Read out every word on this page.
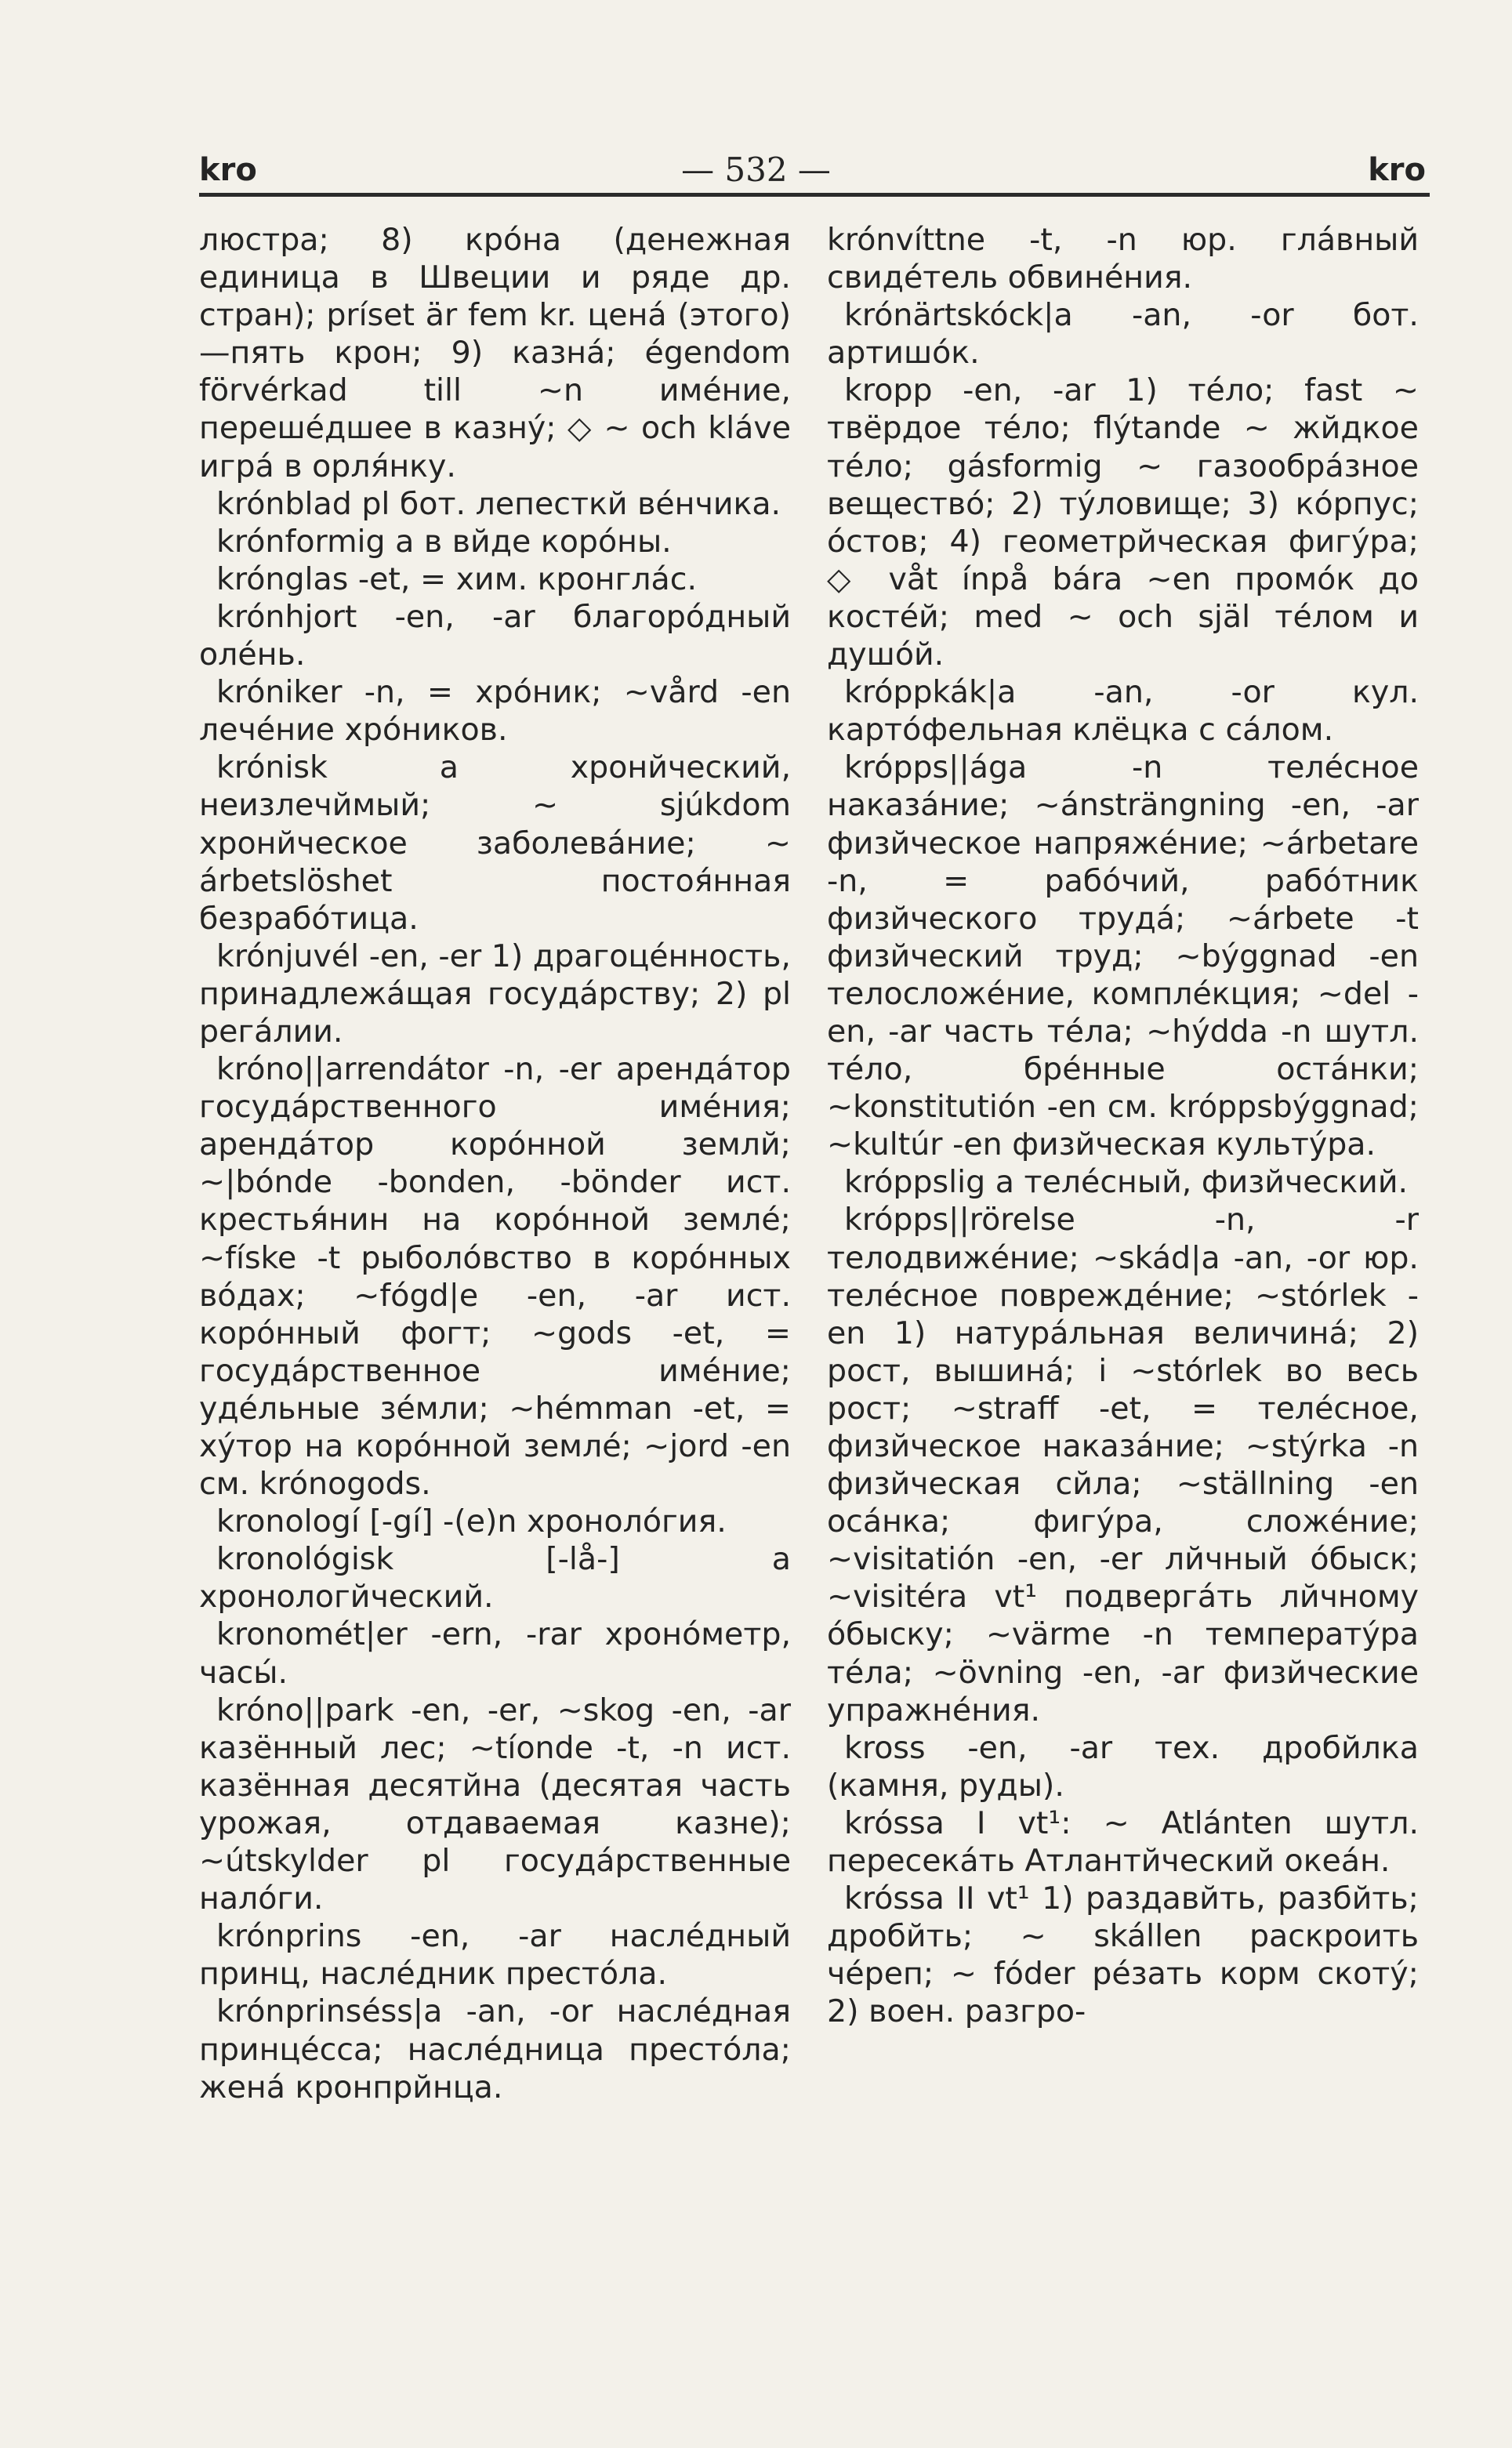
kro	— 532 —	kro

люстра; 8) крóна (денежная единица в Швеции и ряде др. стран); príset är fem kr. ценá (этого)—пять крон; 9) казнá; égendom förvérkad till ~n имéние, перешéдшее в казнý; ◇ ~ och kláve игрá в орля́нку.

krónblad pl бот. лепесткй вéнчика.

krónformig a в вйде корóны.

krónglas -et, = хим. кронглáс.

krónhjort -en, -ar благорóдный олéнь.

króniker -n, = хрóник; ~vård -en лечéние хрóников.

krónisk a хронйческий, неизлечймый; ~ sjúkdom хронйческое заболевáние; ~ árbetslöshet постоя́нная безрабóтица.

krónjuvél -en, -er 1) драгоцéнность, принадлежáщая госудáрству; 2) pl регáлии.

króno||arrendátor -n, -er арендáтор госудáрственного имéния; арендáтор корóнной землй; ~|bónde -bonden, -bönder ист. крестья́нин на корóнной землé; ~físke -t рыболóвство в корóнных вóдах; ~fógd|e -en, -ar ист. корóнный фогт; ~gods -et, = госудáрственное имéние; удéльные зéмли; ~hémman -et, = хýтор на корóнной землé; ~jord -en см. krónogods.

kronologí [-gí] -(e)n хронолóгия.

kronológisk [-lå-] a хронологйческий.

kronomét|er -ern, -rar хронóметр, часы́.

króno||park -en, -er, ~skog -en, -ar казённый лес; ~tíonde -t, -n ист. казённая десятйна (десятая часть урожая, отдаваемая казне); ~útskylder pl госудáрственные налóги.

krónprins -en, -ar наслéдный принц, наслéдник престóла.

krónprinséss|a -an, -or наслéдная принцéсса; наслéдница престóла; женá кронпрйнца.

krónvíttne -t, -n юр. глáвный свидéтель обвинéния.

krónärtskóck|a -an, -or бот. артишóк.

kropp -en, -ar 1) тéло; fast ~ твёрдое тéло; flýtande ~ жйдкое тéло; gásformig ~ газообрáзное веществó; 2) тýловище; 3) кóрпус; óстов; 4) геометрйческая фигýра; ◇ våt ínpå bára ~en промóк до костéй; med ~ och själ тéлом и душóй.

króppkák|a -an, -or кул. картóфельная клёцка с сáлом.

krópps||ága -n телéсное наказáние; ~ánsträngning -en, -ar физйческое напряжéние; ~árbetare -n, = рабóчий, рабóтник физйческого трудá; ~árbete -t физйческий труд; ~býggnad -en телосложéние, комплéкция; ~del -en, -ar часть тéла; ~hýdda -n шутл. тéло, брéнные остáнки; ~konstitutión -en см. króppsbýggnad; ~kultúr -en физйческая культýра.

króppslig a телéсный, физйческий.

krópps||rörelse -n, -r телодвижéние; ~skád|a -an, -or юр. телéсное повреждéние; ~stórlek -en 1) натурáльная величинá; 2) рост, вышинá; i ~stórlek во весь рост; ~straff -et, = телéсное, физйческое наказáние; ~stýrka -n физйческая сйла; ~ställning -en осáнка; фигýра, сложéние; ~visitatión -en, -er лйчный óбыск; ~visitéra vt¹ подвергáть лйчному óбыску; ~värme -n температýра тéла; ~övning -en, -ar физйческие упражнéния.

kross -en, -ar тех. дробйлка (камня, руды).

króssa I vt¹: ~ Atlánten шутл. пересекáть Атлантйческий океáн.

króssa II vt¹ 1) раздавйть, разбйть; дробйть; ~ skállen раскроить чéреп; ~ fóder рéзать корм скотý; 2) воен. разгро-
